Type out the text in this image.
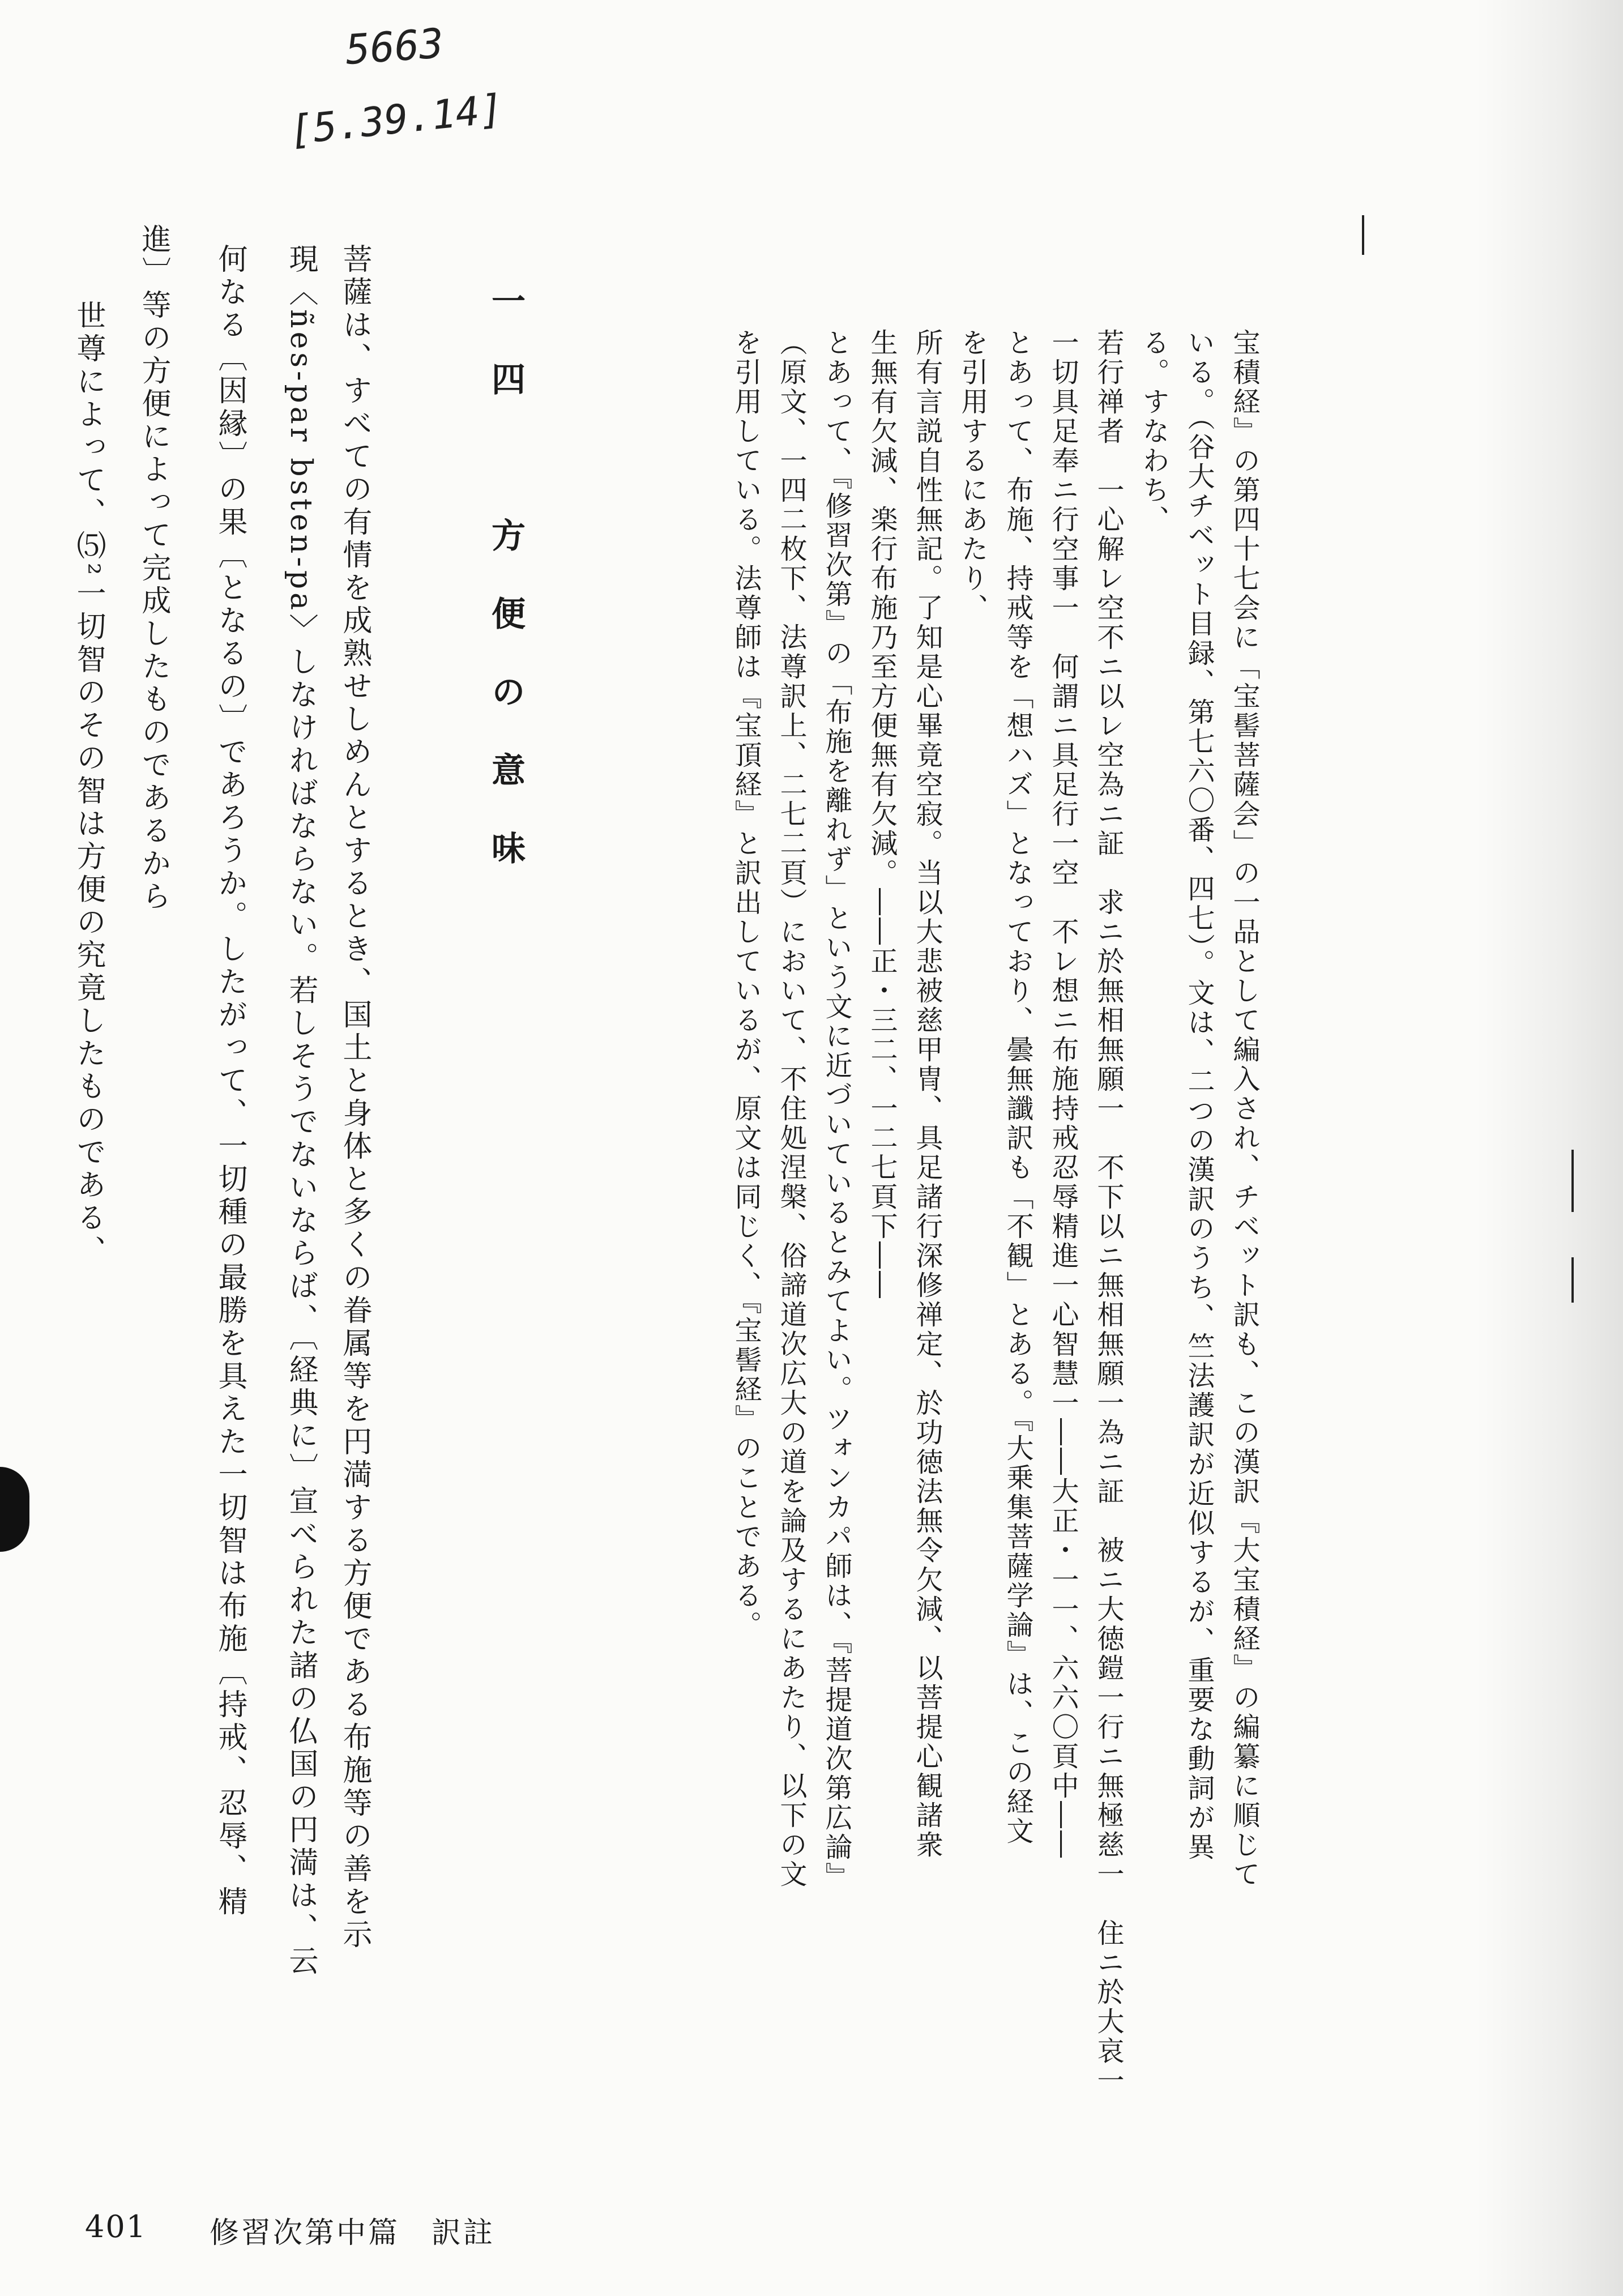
5663
[5.39.14]
宝積経』の第四十七会に「宝髻菩薩会」の一品として編入され、チベット訳も、この漢訳『大宝積経』の編纂に順じて
いる。（谷大チベット目録、第七六〇番、四七）。文は、二つの漢訳のうち、竺法護訳が近似するが、重要な動詞が異
る。すなわち、
若行禅者　一心解レ空不ニ以レ空為ニ証　求ニ於無相無願一　不下以ニ無相無願一為ニ証　被ニ大徳鎧一行ニ無極慈一　住ニ於大哀一
一切具足奉ニ行空事一　何謂ニ具足行一空　不レ想ニ布施持戒忍辱精進一心智慧一――大正・一一、六六〇頁中――
とあって、布施、持戒等を「想ハズ」となっており、曇無讖訳も「不観」とある。『大乗集菩薩学論』は、この経文
を引用するにあたり、
所有言説自性無記。了知是心畢竟空寂。当以大悲被慈甲冑、具足諸行深修禅定、於功徳法無令欠減、以菩提心観諸衆
生無有欠減、楽行布施乃至方便無有欠減。――正・三二、一二七頁下――
とあって、『修習次第』の「布施を離れず」という文に近づいているとみてよい。ツォンカパ師は、『菩提道次第広論』
（原文、一四二枚下、法尊訳上、二七二頁）において、不住処涅槃、俗諦道次広大の道を論及するにあたり、以下の文
を引用している。法尊師は『宝頂経』と訳出しているが、原文は同じく、『宝髻経』のことである。
一四　方便の意味
菩薩は、すべての有情を成熟せしめんとするとき、国土と身体と多くの眷属等を円満する方便である布施等の善を示
現〈ñes-par bsten-pa〉しなければならない。若しそうでないならば、〔経典に〕宣べられた諸の仏国の円満は、云
何なる〔因縁〕の果〔となるの〕であろうか。したがって、一切種の最勝を具えた一切智は布施〔持戒、忍辱、精
進〕等の方便によって完成したものであるから
世尊によって、⑸²一切智のその智は方便の究竟したものである、
401 修習次第中篇　訳註
